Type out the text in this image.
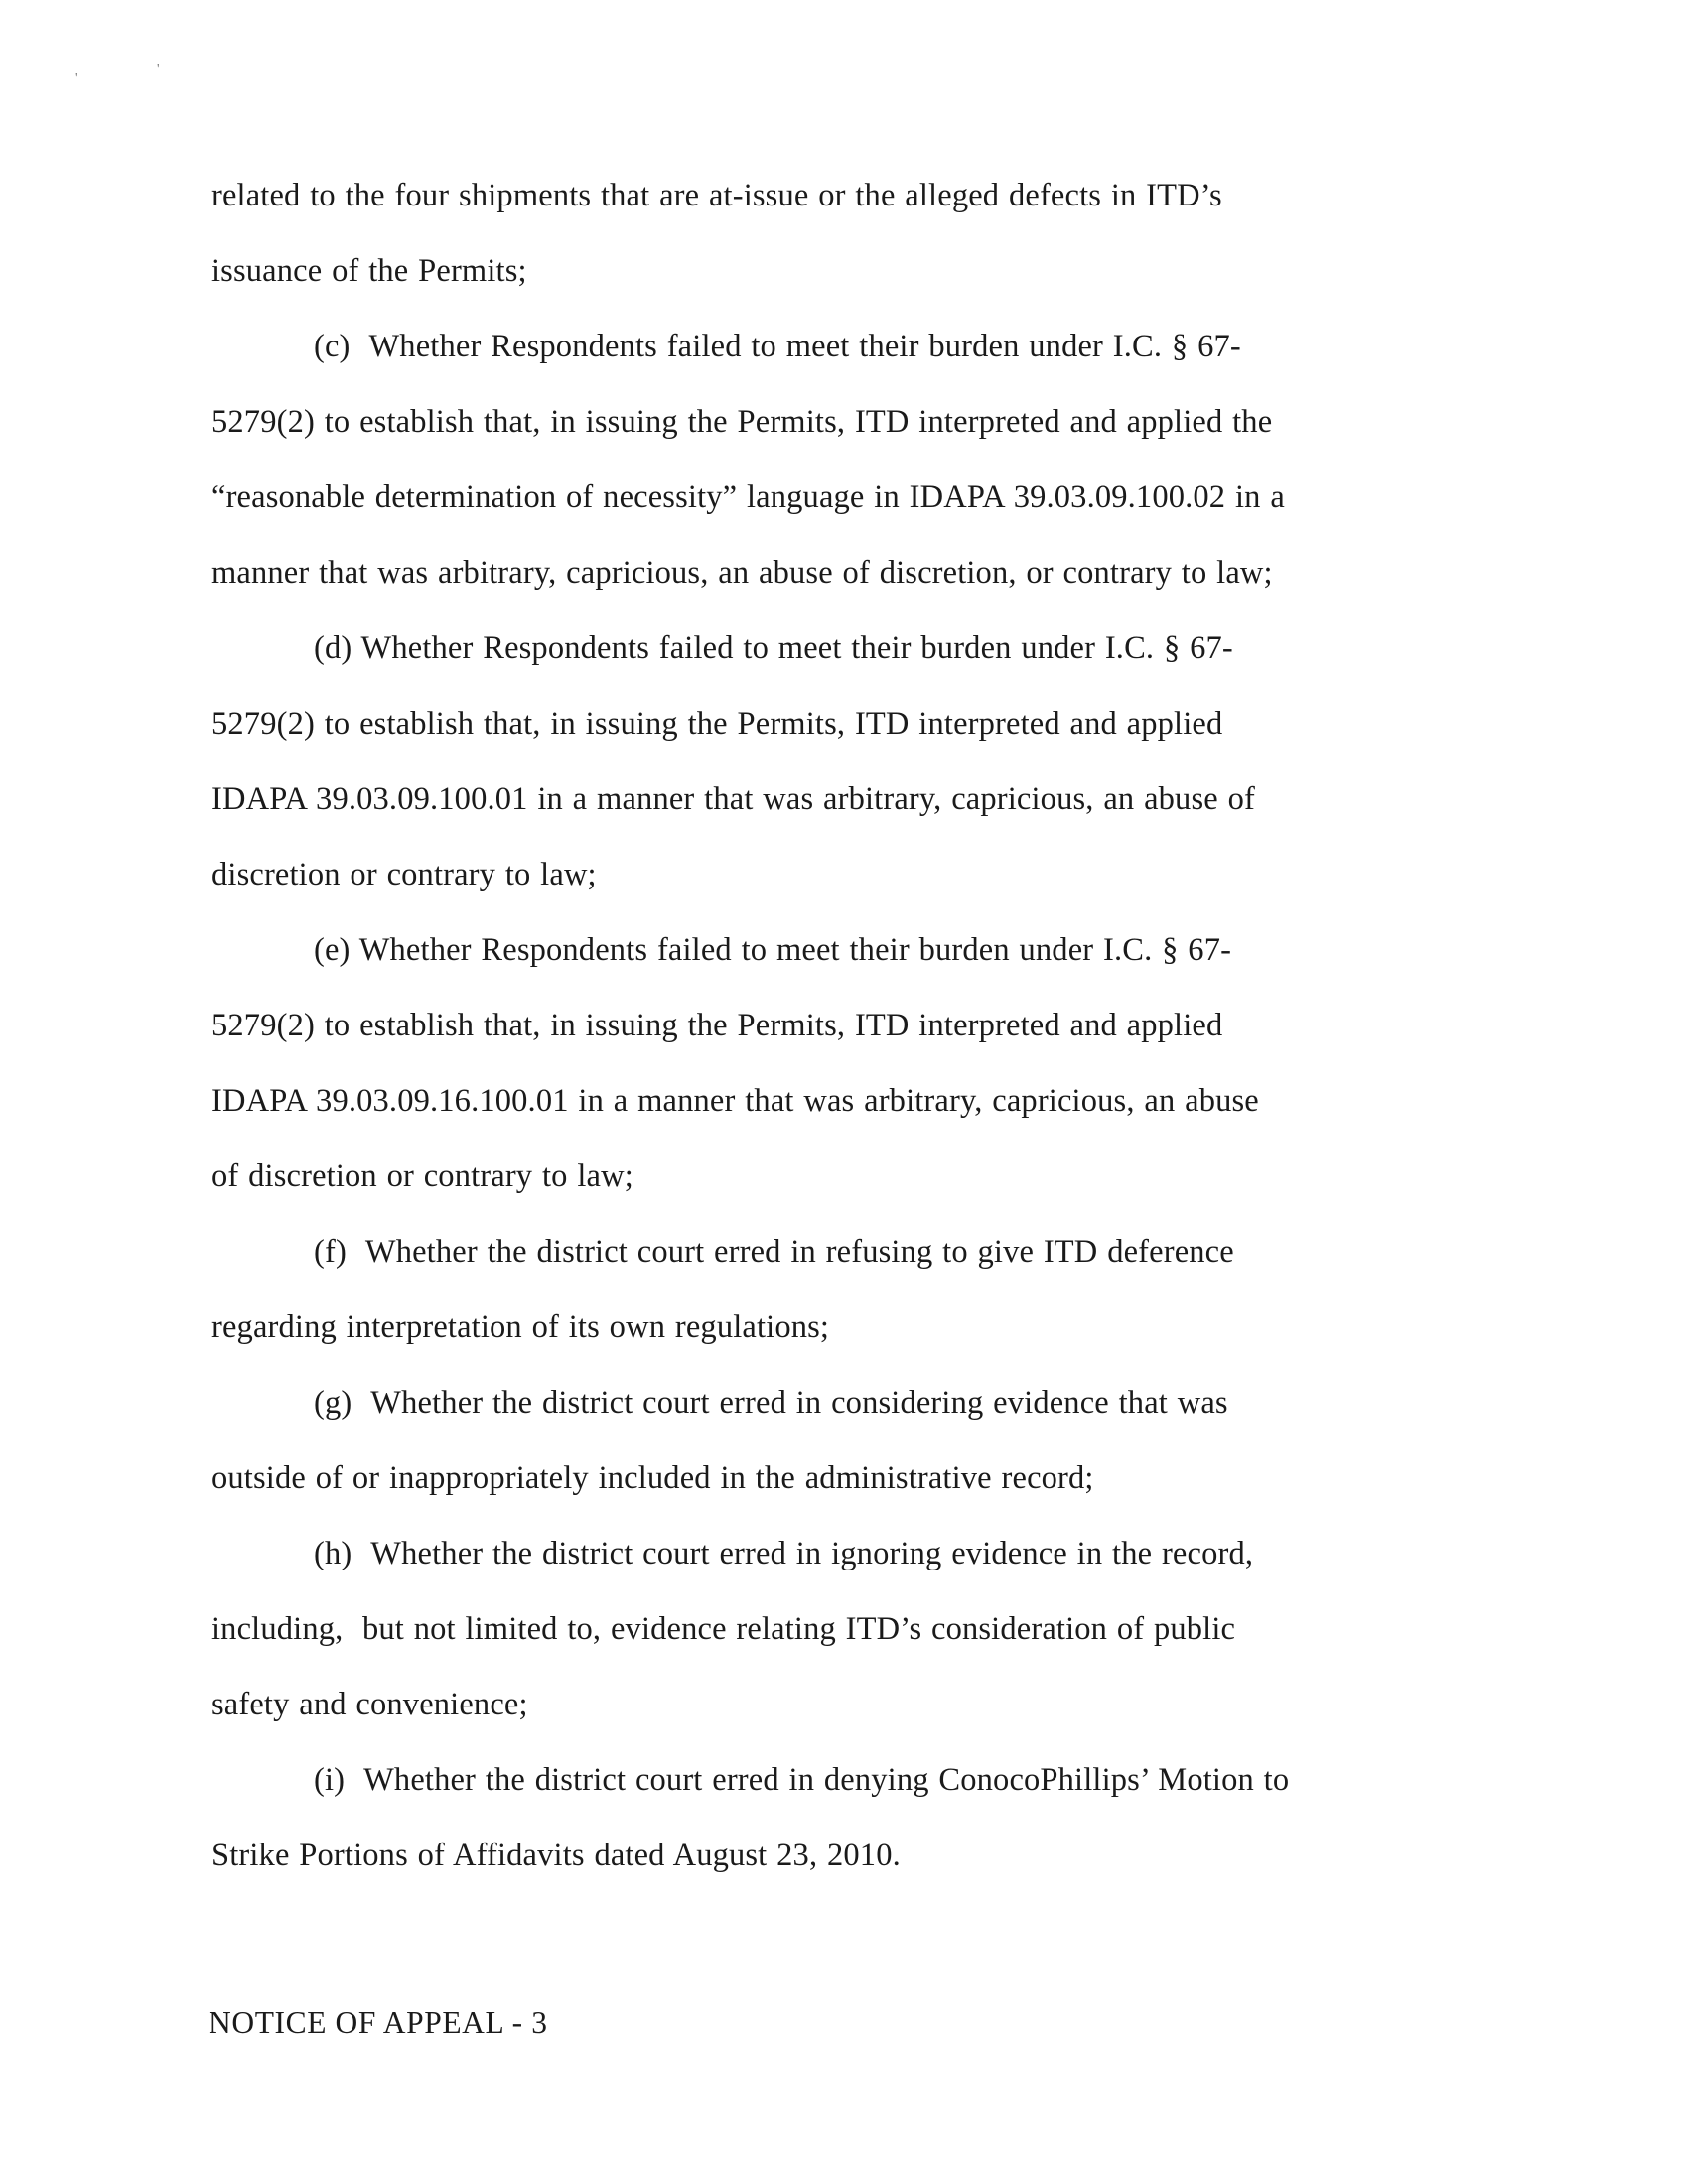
'
'
related to the four shipments that are at-issue or the alleged defects in ITD’s
issuance of the Permits;
(c)  Whether Respondents failed to meet their burden under I.C. § 67-
5279(2) to establish that, in issuing the Permits, ITD interpreted and applied the
“reasonable determination of necessity” language in IDAPA 39.03.09.100.02 in a
manner that was arbitrary, capricious, an abuse of discretion, or contrary to law;
(d) Whether Respondents failed to meet their burden under I.C. § 67-
5279(2) to establish that, in issuing the Permits, ITD interpreted and applied
IDAPA 39.03.09.100.01 in a manner that was arbitrary, capricious, an abuse of
discretion or contrary to law;
(e) Whether Respondents failed to meet their burden under I.C. § 67-
5279(2) to establish that, in issuing the Permits, ITD interpreted and applied
IDAPA 39.03.09.16.100.01 in a manner that was arbitrary, capricious, an abuse
of discretion or contrary to law;
(f)  Whether the district court erred in refusing to give ITD deference
regarding interpretation of its own regulations;
(g)  Whether the district court erred in considering evidence that was
outside of or inappropriately included in the administrative record;
(h)  Whether the district court erred in ignoring evidence in the record,
including,  but not limited to, evidence relating ITD’s consideration of public
safety and convenience;
(i)  Whether the district court erred in denying ConocoPhillips’ Motion to
Strike Portions of Affidavits dated August 23, 2010.
NOTICE OF APPEAL - 3
